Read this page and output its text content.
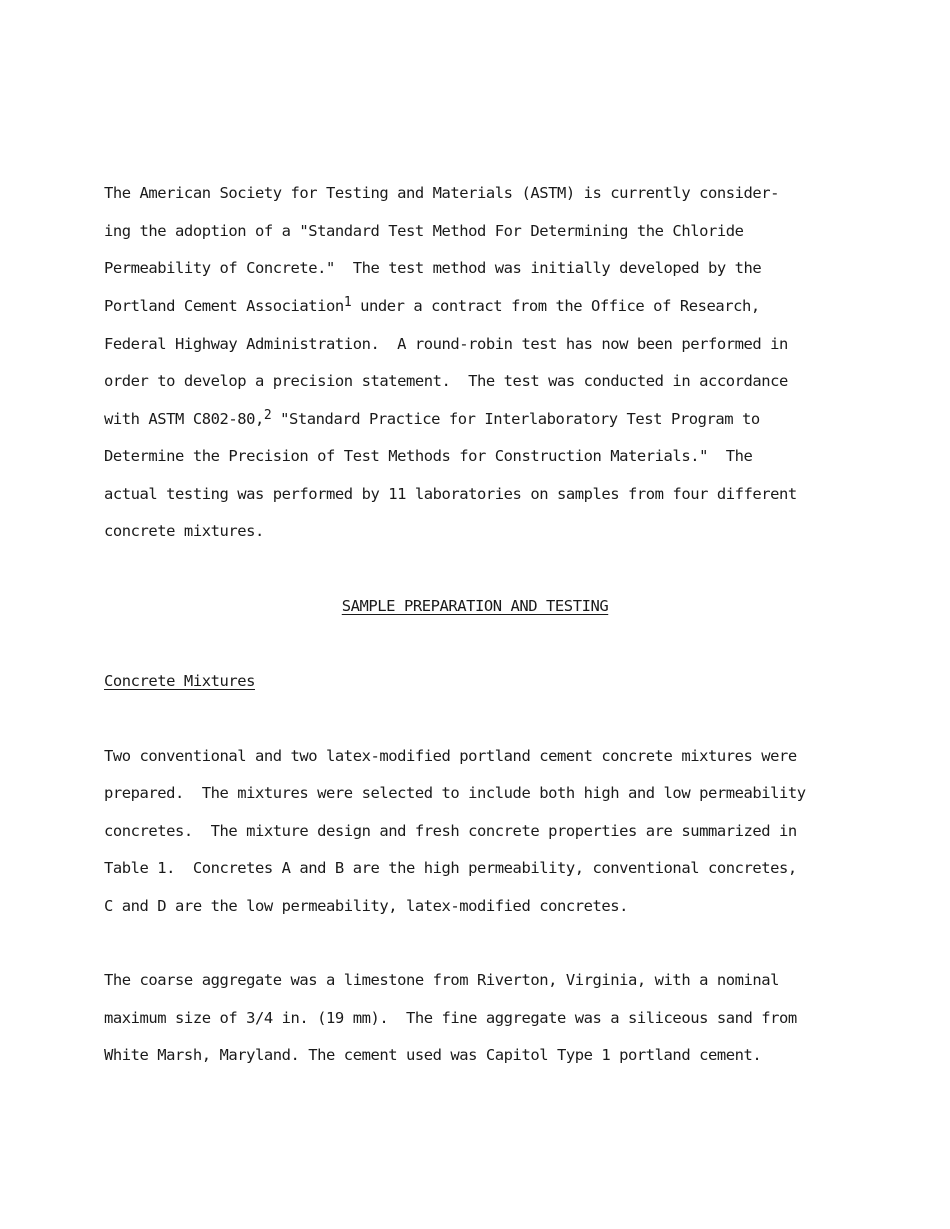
The American Society for Testing and Materials (ASTM) is currently consider-
ing the adoption of a "Standard Test Method For Determining the Chloride
Permeability of Concrete."  The test method was initially developed by the
Portland Cement Association$^1$ under a contract from the Office of Research,
Federal Highway Administration.  A round-robin test has now been performed in
order to develop a precision statement.  The test was conducted in accordance
with ASTM C802-80,$^2$ "Standard Practice for Interlaboratory Test Program to
Determine the Precision of Test Methods for Construction Materials."  The
actual testing was performed by 11 laboratories on samples from four different
concrete mixtures.
SAMPLE PREPARATION AND TESTING
Concrete Mixtures
Two conventional and two latex-modified portland cement concrete mixtures were
prepared.  The mixtures were selected to include both high and low permeability
concretes.  The mixture design and fresh concrete properties are summarized in
Table 1.  Concretes A and B are the high permeability, conventional concretes,
C and D are the low permeability, latex-modified concretes.
The coarse aggregate was a limestone from Riverton, Virginia, with a nominal
maximum size of 3/4 in. (19 mm).  The fine aggregate was a siliceous sand from
White Marsh, Maryland. The cement used was Capitol Type 1 portland cement.
